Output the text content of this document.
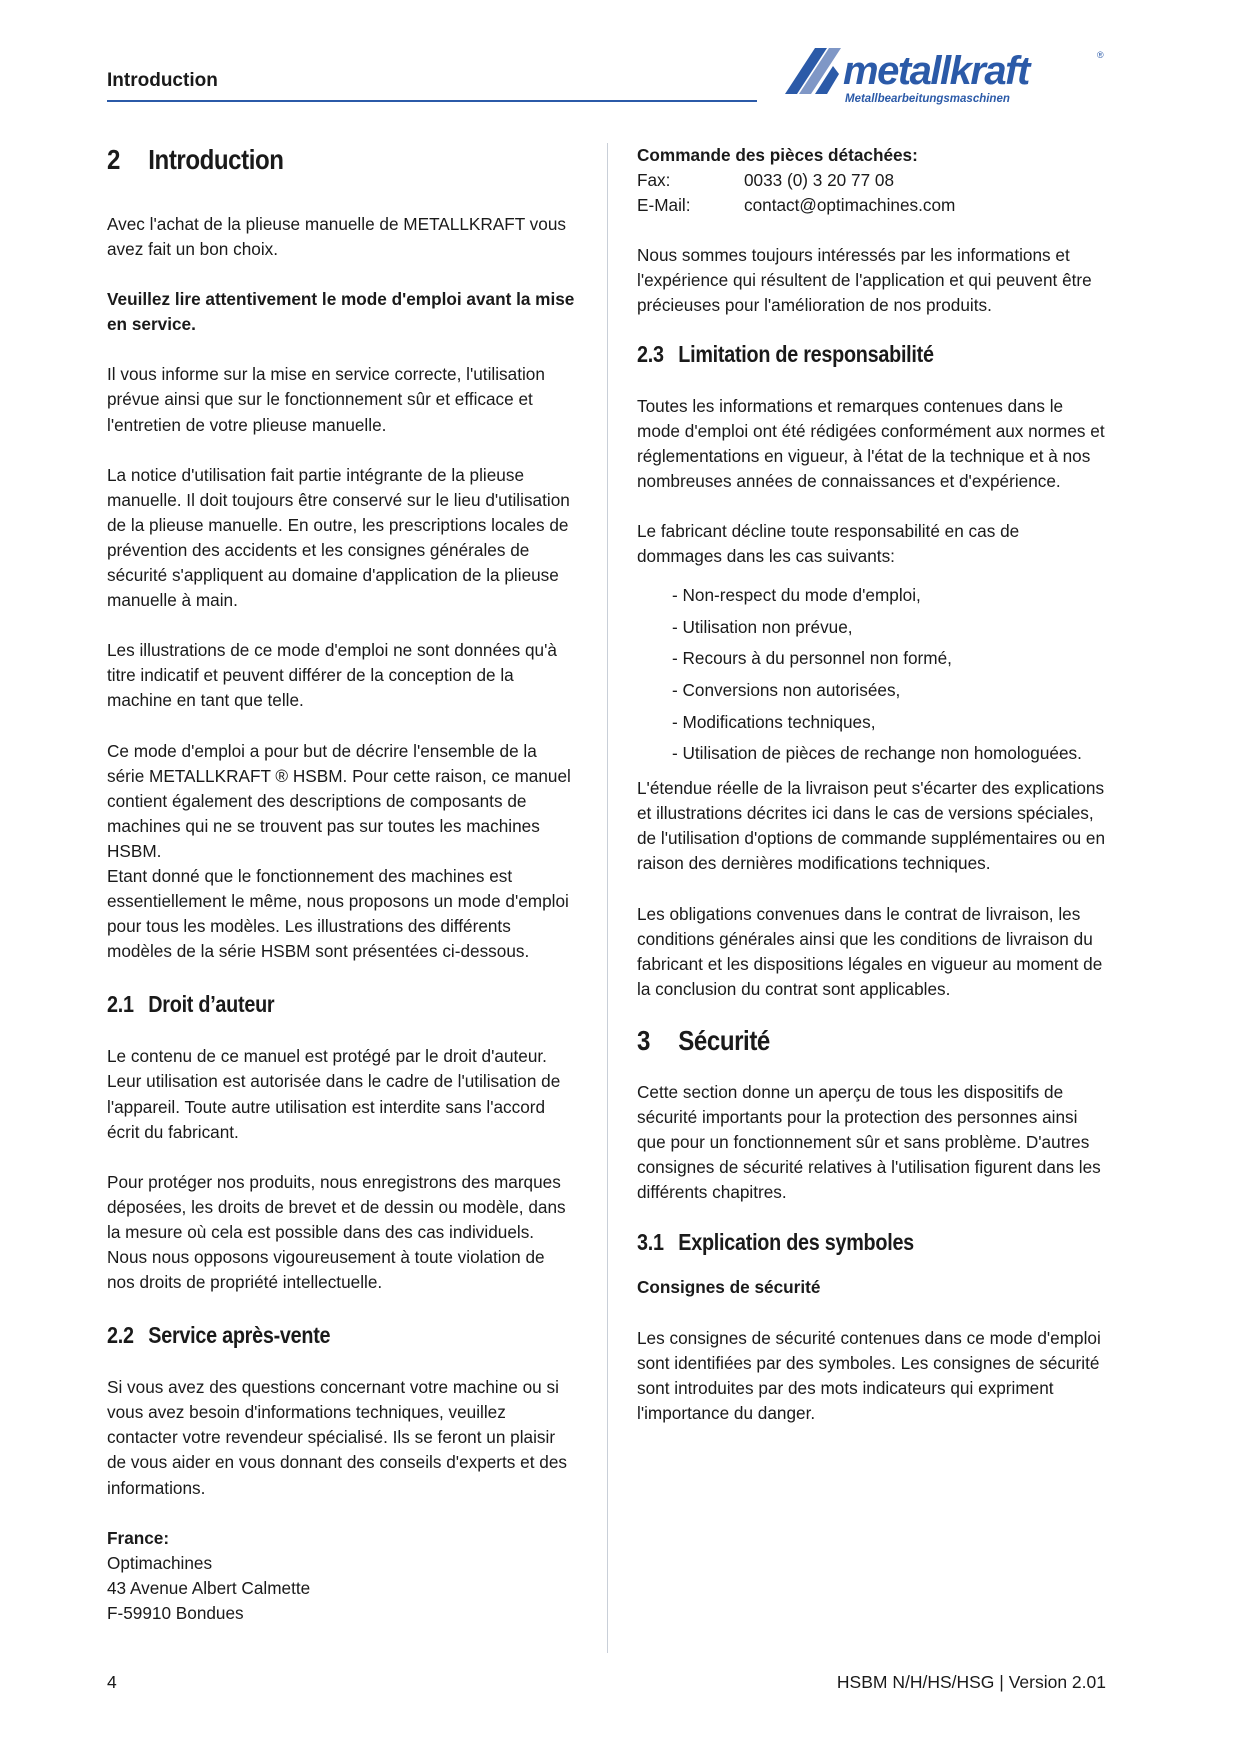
Introduction	metallkraft	®
Metallbearbeitungsmaschinen
2 Introduction

Avec l'achat de la plieuse manuelle de METALLKRAFT vous avez fait un bon choix.

Veuillez lire attentivement le mode d'emploi avant la mise en service.

Il vous informe sur la mise en service correcte, l'utilisation prévue ainsi que sur le fonctionnement sûr et efficace et l'entretien de votre plieuse manuelle.

La notice d'utilisation fait partie intégrante de la plieuse manuelle. Il doit toujours être conservé sur le lieu d'utilisation de la plieuse manuelle. En outre, les prescriptions locales de prévention des accidents et les consignes générales de sécurité s'appliquent au domaine d'application de la plieuse manuelle à main.

Les illustrations de ce mode d'emploi ne sont données qu'à titre indicatif et peuvent différer de la conception de la machine en tant que telle.

Ce mode d'emploi a pour but de décrire l'ensemble de la série METALLKRAFT ® HSBM. Pour cette raison, ce manuel contient également des descriptions de composants de machines qui ne se trouvent pas sur toutes les machines HSBM.

Etant donné que le fonctionnement des machines est essentiellement le même, nous proposons un mode d'emploi pour tous les modèles. Les illustrations des différents modèles de la série HSBM sont présentées ci-dessous.

2.1 Droit d’auteur

Le contenu de ce manuel est protégé par le droit d'auteur. Leur utilisation est autorisée dans le cadre de l'utilisation de l'appareil. Toute autre utilisation est interdite sans l'accord écrit du fabricant.

Pour protéger nos produits, nous enregistrons des marques déposées, les droits de brevet et de dessin ou modèle, dans la mesure où cela est possible dans des cas individuels. Nous nous opposons vigoureusement à toute violation de nos droits de propriété intellectuelle.

2.2 Service après-vente

Si vous avez des questions concernant votre machine ou si vous avez besoin d'informations techniques, veuillez contacter votre revendeur spécialisé. Ils se feront un plaisir de vous aider en vous donnant des conseils d'experts et des informations.

France:
Optimachines
43 Avenue Albert Calmette
F-59910 Bondues
Commande des pièces détachées:
Fax:	0033 (0) 3 20 77 08
E-Mail:	contact@optimachines.com

Nous sommes toujours intéressés par les informations et l'expérience qui résultent de l'application et qui peuvent être précieuses pour l'amélioration de nos produits.

2.3 Limitation de responsabilité

Toutes les informations et remarques contenues dans le mode d'emploi ont été rédigées conformément aux normes et réglementations en vigueur, à l'état de la technique et à nos nombreuses années de connaissances et d'expérience.

Le fabricant décline toute responsabilité en cas de dommages dans les cas suivants:

- Non-respect du mode d'emploi,
- Utilisation non prévue,
- Recours à du personnel non formé,
- Conversions non autorisées,
- Modifications techniques,
- Utilisation de pièces de rechange non homologuées.

L'étendue réelle de la livraison peut s'écarter des explications et illustrations décrites ici dans le cas de versions spéciales, de l'utilisation d'options de commande supplémentaires ou en raison des dernières modifications techniques.

Les obligations convenues dans le contrat de livraison, les conditions générales ainsi que les conditions de livraison du fabricant et les dispositions légales en vigueur au moment de la conclusion du contrat sont applicables.

3 Sécurité

Cette section donne un aperçu de tous les dispositifs de sécurité importants pour la protection des personnes ainsi que pour un fonctionnement sûr et sans problème. D'autres consignes de sécurité relatives à l'utilisation figurent dans les différents chapitres.

3.1 Explication des symboles
Consignes de sécurité

Les consignes de sécurité contenues dans ce mode d'emploi sont identifiées par des symboles. Les consignes de sécurité sont introduites par des mots indicateurs qui expriment l'importance du danger.

4	HSBM N/H/HS/HSG | Version 2.01
